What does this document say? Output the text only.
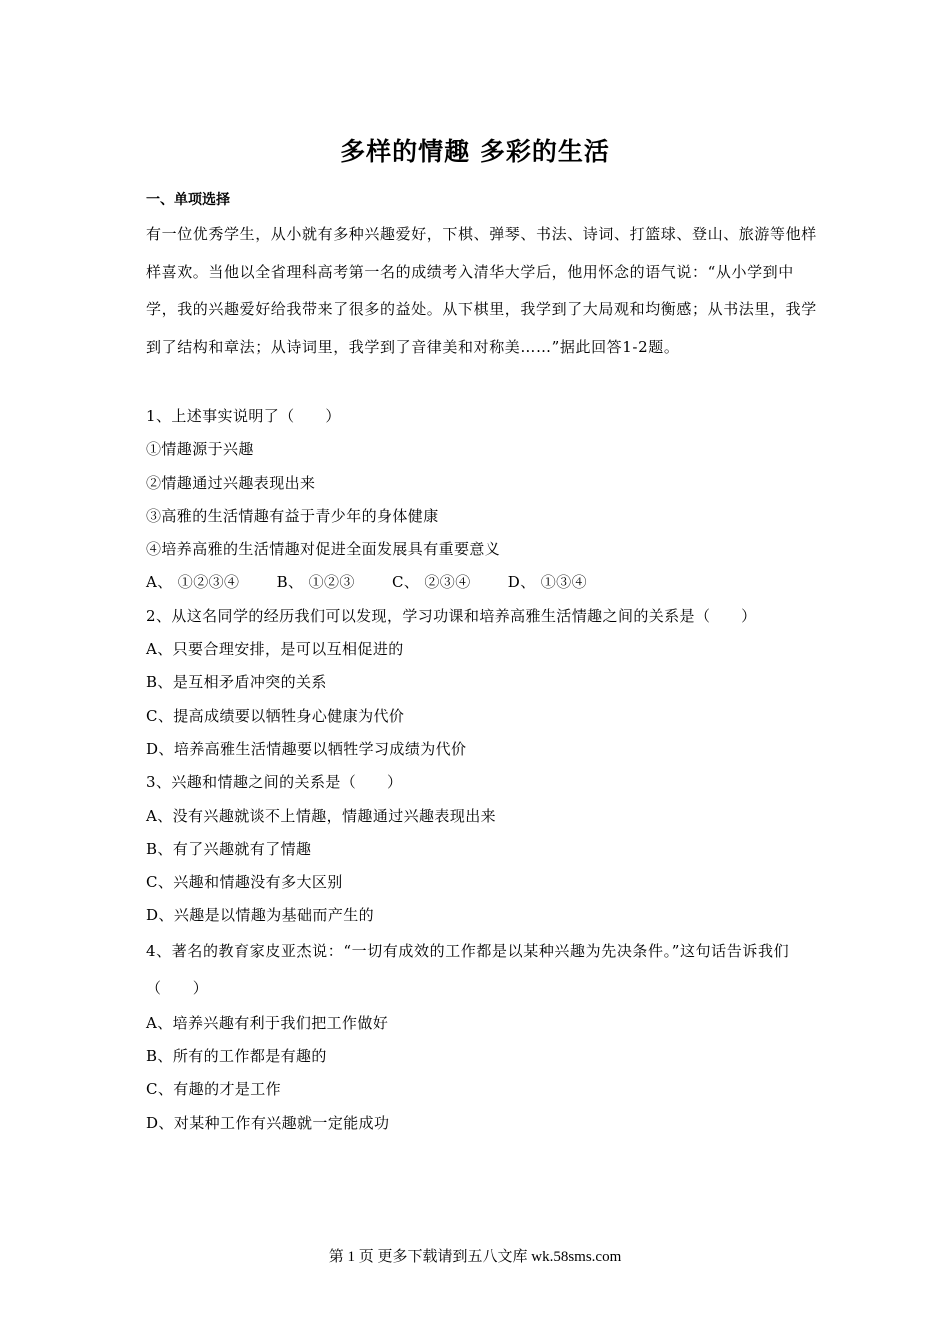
多样的情趣 多彩的生活
一、单项选择
有一位优秀学生，从小就有多种兴趣爱好，下棋、弹琴、书法、诗词、打篮球、登山、旅游等他样样喜欢。当他以全省理科高考第一名的成绩考入清华大学后，他用怀念的语气说：“从小学到中学，我的兴趣爱好给我带来了很多的益处。从下棋里，我学到了大局观和均衡感；从书法里，我学到了结构和章法；从诗词里，我学到了音律美和对称美……”据此回答1-2题。
1、上述事实说明了（　　）
①情趣源于兴趣
②情趣通过兴趣表现出来
③高雅的生活情趣有益于青少年的身体健康
④培养高雅的生活情趣对促进全面发展具有重要意义
A、 ①②③④ B、 ①②③ C、 ②③④ D、 ①③④
2、从这名同学的经历我们可以发现，学习功课和培养高雅生活情趣之间的关系是（　　）
A、只要合理安排，是可以互相促进的
B、是互相矛盾冲突的关系
C、提高成绩要以牺牲身心健康为代价
D、培养高雅生活情趣要以牺牲学习成绩为代价
3、兴趣和情趣之间的关系是（　　）
A、没有兴趣就谈不上情趣，情趣通过兴趣表现出来
B、有了兴趣就有了情趣
C、兴趣和情趣没有多大区别
D、兴趣是以情趣为基础而产生的
4、著名的教育家皮亚杰说：“一切有成效的工作都是以某种兴趣为先决条件。”这句话告诉我们（　　）
A、培养兴趣有利于我们把工作做好
B、所有的工作都是有趣的
C、有趣的才是工作
D、对某种工作有兴趣就一定能成功
第 1 页 更多下载请到五八文库 wk.58sms.com
